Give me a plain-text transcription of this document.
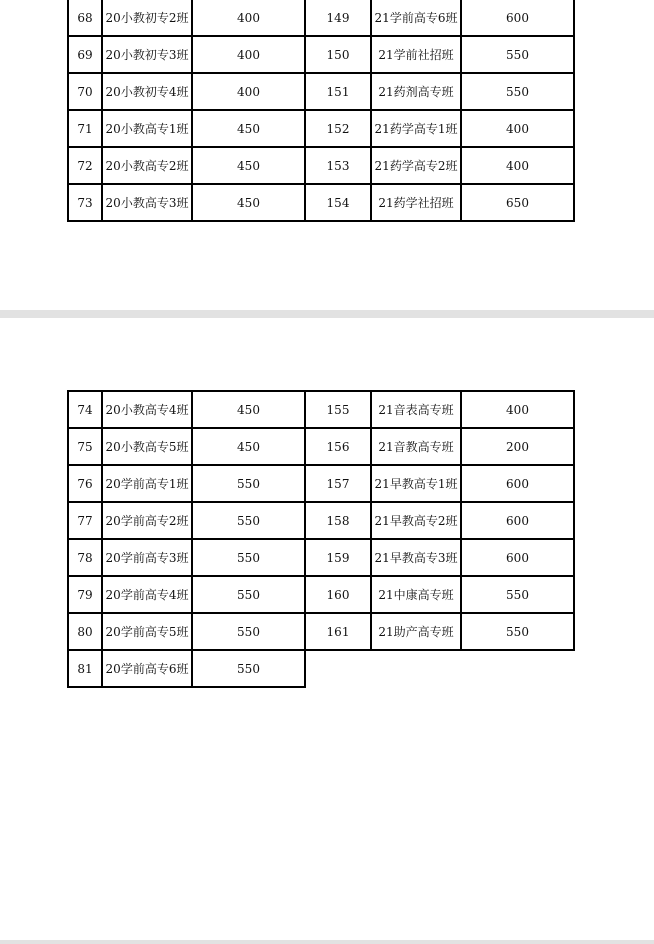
68	20小教初专2班	400	149	21学前高专6班	600
69	20小教初专3班	400	150	21学前社招班	550
70	20小教初专4班	400	151	21药剂高专班	550
71	20小教高专1班	450	152	21药学高专1班	400
72	20小教高专2班	450	153	21药学高专2班	400
73	20小教高专3班	450	154	21药学社招班	650
74	20小教高专4班	450	155	21音表高专班	400
75	20小教高专5班	450	156	21音教高专班	200
76	20学前高专1班	550	157	21早教高专1班	600
77	20学前高专2班	550	158	21早教高专2班	600
78	20学前高专3班	550	159	21早教高专3班	600
79	20学前高专4班	550	160	21中康高专班	550
80	20学前高专5班	550	161	21助产高专班	550
81	20学前高专6班	550			
